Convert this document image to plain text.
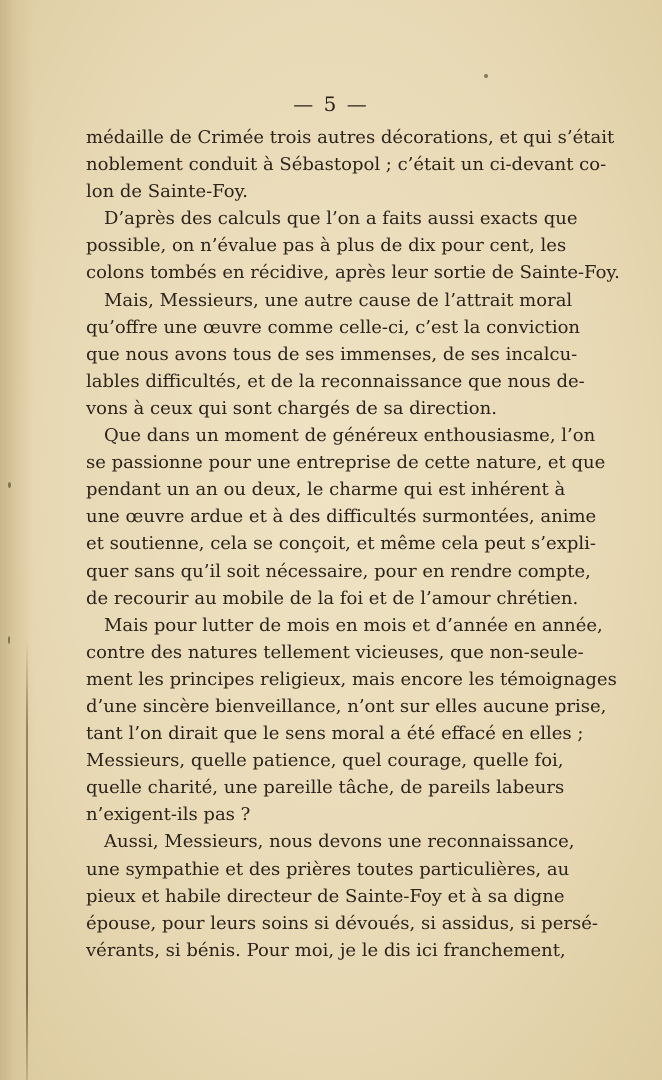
— 5 —
médaille de Crimée trois autres décorations, et qui s’était
noblement conduit à Sébastopol ; c’était un ci-devant co-
lon de Sainte-Foy.
D’après des calculs que l’on a faits aussi exacts que
possible, on n’évalue pas à plus de dix pour cent, les
colons tombés en récidive, après leur sortie de Sainte-Foy.
Mais, Messieurs, une autre cause de l’attrait moral
qu’offre une œuvre comme celle-ci, c’est la conviction
que nous avons tous de ses immenses, de ses incalcu-
lables difficultés, et de la reconnaissance que nous de-
vons à ceux qui sont chargés de sa direction.
Que dans un moment de généreux enthousiasme, l’on
se passionne pour une entreprise de cette nature, et que
pendant un an ou deux, le charme qui est inhérent à
une œuvre ardue et à des difficultés surmontées, anime
et soutienne, cela se conçoit, et même cela peut s’expli-
quer sans qu’il soit nécessaire, pour en rendre compte,
de recourir au mobile de la foi et de l’amour chrétien.
Mais pour lutter de mois en mois et d’année en année,
contre des natures tellement vicieuses, que non-seule-
ment les principes religieux, mais encore les témoignages
d’une sincère bienveillance, n’ont sur elles aucune prise,
tant l’on dirait que le sens moral a été effacé en elles ;
Messieurs, quelle patience, quel courage, quelle foi,
quelle charité, une pareille tâche, de pareils labeurs
n’exigent-ils pas ?
Aussi, Messieurs, nous devons une reconnaissance,
une sympathie et des prières toutes particulières, au
pieux et habile directeur de Sainte-Foy et à sa digne
épouse, pour leurs soins si dévoués, si assidus, si persé-
vérants, si bénis. Pour moi, je le dis ici franchement,
